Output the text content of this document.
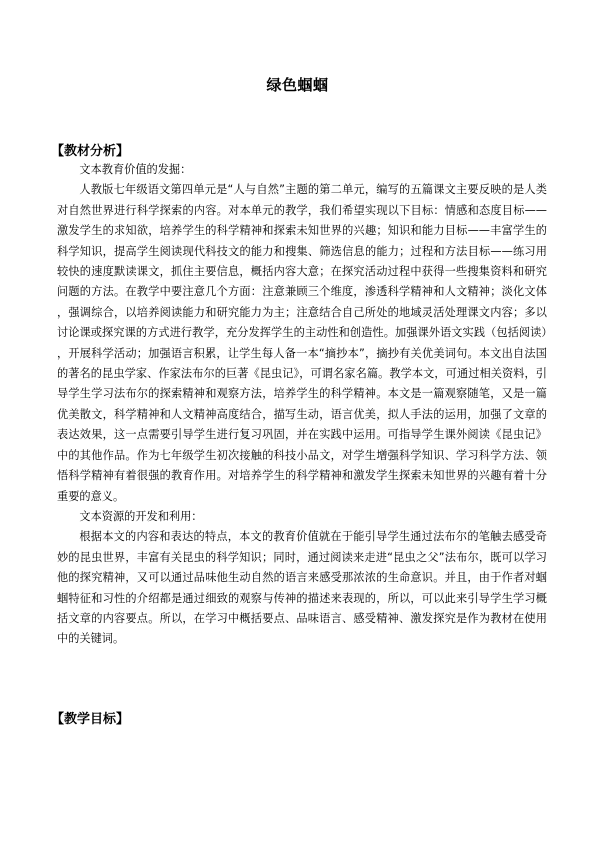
绿色蝈蝈
【教材分析】

文本教育价值的发掘：

人教版七年级语文第四单元是“人与自然”主题的第二单元，编写的五篇课文主要反映的是人类对自然世界进行科学探索的内容。对本单元的教学，我们希望实现以下目标：情感和态度目标——激发学生的求知欲，培养学生的科学精神和探索未知世界的兴趣；知识和能力目标——丰富学生的科学知识，提高学生阅读现代科技文的能力和搜集、筛选信息的能力；过程和方法目标——练习用较快的速度默读课文，抓住主要信息，概括内容大意；在探究活动过程中获得一些搜集资料和研究问题的方法。在教学中要注意几个方面：注意兼顾三个维度，渗透科学精神和人文精神；淡化文体，强调综合，以培养阅读能力和研究能力为主；注意结合自己所处的地域灵活处理课文内容；多以讨论课或探究课的方式进行教学，充分发挥学生的主动性和创造性。加强课外语文实践（包括阅读），开展科学活动；加强语言积累，让学生每人备一本“摘抄本”，摘抄有关优美词句。本文出自法国的著名的昆虫学家、作家法布尔的巨著《昆虫记》，可谓名家名篇。教学本文，可通过相关资料，引导学生学习法布尔的探索精神和观察方法，培养学生的科学精神。本文是一篇观察随笔，又是一篇优美散文，科学精神和人文精神高度结合，描写生动，语言优美，拟人手法的运用，加强了文章的表达效果，这一点需要引导学生进行复习巩固，并在实践中运用。可指导学生课外阅读《昆虫记》中的其他作品。作为七年级学生初次接触的科技小品文，对学生增强科学知识、学习科学方法、领悟科学精神有着很强的教育作用。对培养学生的科学精神和激发学生探索未知世界的兴趣有着十分重要的意义。

文本资源的开发和利用：

根据本文的内容和表达的特点，本文的教育价值就在于能引导学生通过法布尔的笔触去感受奇妙的昆虫世界，丰富有关昆虫的科学知识；同时，通过阅读来走进“昆虫之父”法布尔，既可以学习他的探究精神，又可以通过品味他生动自然的语言来感受那浓浓的生命意识。并且，由于作者对蝈蝈特征和习性的介绍都是通过细致的观察与传神的描述来表现的，所以，可以此来引导学生学习概括文章的内容要点。所以，在学习中概括要点、品味语言、感受精神、激发探究是作为教材在使用中的关键词。

【教学目标】
